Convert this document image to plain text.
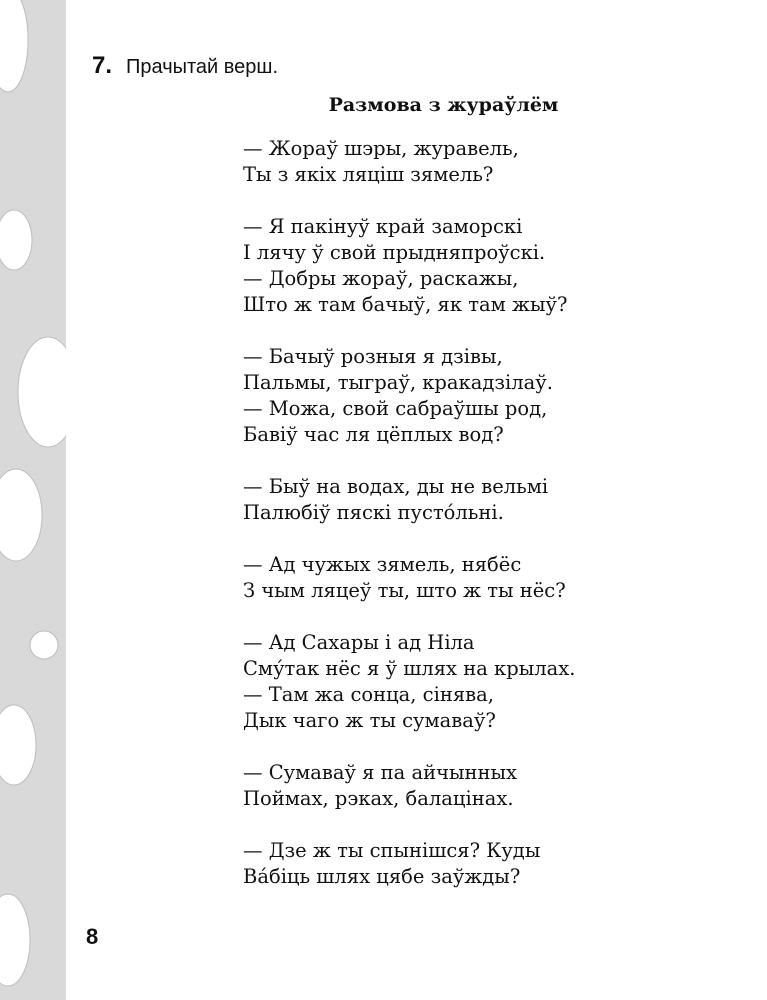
7. Прачытай верш.
Размова з жураўлём
— Жораў шэры, журавель,
Ты з якіх ляціш зямель?
— Я пакінуў край заморскі
І лячу ў свой прыдняпроўскі.
— Добры жораў, раскажы,
Што ж там бачыў, як там жыў?
— Бачыў розныя я дзівы,
Пальмы, тыграў, кракадзілаў.
— Можа, свой сабраўшы род,
Бавіў час ля цёплых вод?
— Быў на водах, ды не вельмі
Палюбіў пяскі пусто́льні.
— Ад чужых зямель, нябёс
З чым ляцеў ты, што ж ты нёс?
— Ад Сахары і ад Ніла
Сму́так нёс я ў шлях на крылах.
— Там жа сонца, сінява,
Дык чаго ж ты сумаваў?
— Сумаваў я па айчынных
Поймах, рэках, балацінах.
— Дзе ж ты спынішся? Куды
Ва́біць шлях цябе заўжды?
8
